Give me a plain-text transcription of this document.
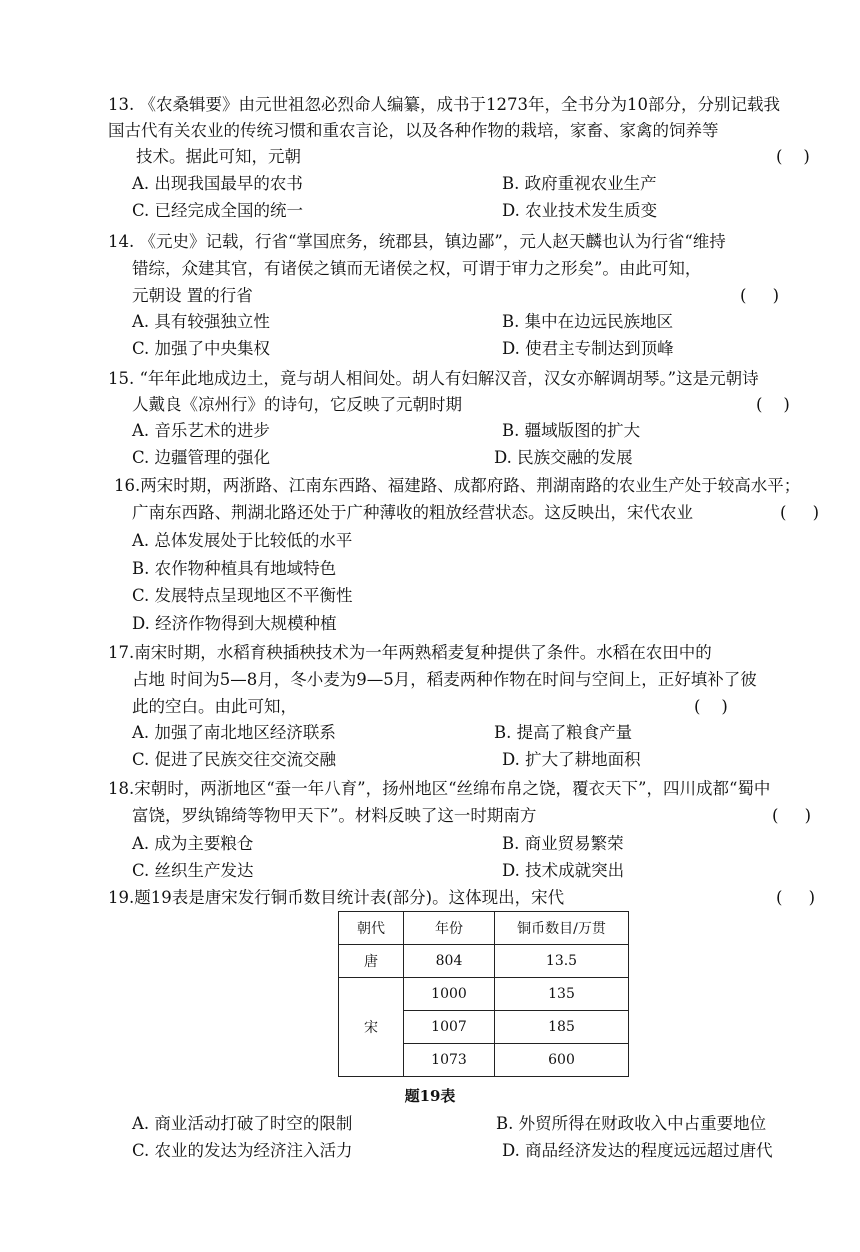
13. 《农桑辑要》由元世祖忽必烈命人编纂，成书于1273年，全书分为10部分，分别记载我
国古代有关农业的传统习惯和重农言论，以及各种作物的栽培，家畜、家禽的饲养等
技术。据此可知，元朝	(    )
A. 出现我国最早的农书	B. 政府重视农业生产
C. 已经完成全国的统一	D. 农业技术发生质变
14. 《元史》记载，行省“掌国庶务，统郡县，镇边鄙”，元人赵天麟也认为行省“维持
错综，众建其官，有诸侯之镇而无诸侯之权，可谓于审力之形矣”。由此可知，
元朝设 置的行省	(     )
A. 具有较强独立性	B. 集中在边远民族地区
C. 加强了中央集权	D. 使君主专制达到顶峰
15. “年年此地成边土，竟与胡人相间处。胡人有妇解汉音，汉女亦解调胡琴。”这是元朝诗
人戴良《凉州行》的诗句，它反映了元朝时期	(    )
A. 音乐艺术的进步	B. 疆域版图的扩大
C. 边疆管理的强化	D. 民族交融的发展
16.两宋时期，两浙路、江南东西路、福建路、成都府路、荆湖南路的农业生产处于较高水平；
广南东西路、荆湖北路还处于广种薄收的粗放经营状态。这反映出，宋代农业	(     )
A. 总体发展处于比较低的水平
B. 农作物种植具有地域特色
C. 发展特点呈现地区不平衡性
D. 经济作物得到大规模种植
17.南宋时期，水稻育秧插秧技术为一年两熟稻麦复种提供了条件。水稻在农田中的
占地 时间为5—8月，冬小麦为9—5月，稻麦两种作物在时间与空间上，正好填补了彼
此的空白。由此可知，	(    )
A. 加强了南北地区经济联系	B. 提高了粮食产量
C. 促进了民族交往交流交融	D. 扩大了耕地面积
18.宋朝时，两浙地区“蚕一年八育”，扬州地区“丝绵布帛之饶，覆衣天下”，四川成都“蜀中
富饶，罗纨锦绮等物甲天下”。材料反映了这一时期南方	(     )
A. 成为主要粮仓	B. 商业贸易繁荣
C. 丝织生产发达	D. 技术成就突出
19.题19表是唐宋发行铜币数目统计表(部分)。这体现出，宋代	(     )
朝代	年份	铜币数目/万贯
唐	804	13.5
宋	1000	135
	1007	185
	1073	600
题19表
A. 商业活动打破了时空的限制	B. 外贸所得在财政收入中占重要地位
C. 农业的发达为经济注入活力	D. 商品经济发达的程度远远超过唐代
